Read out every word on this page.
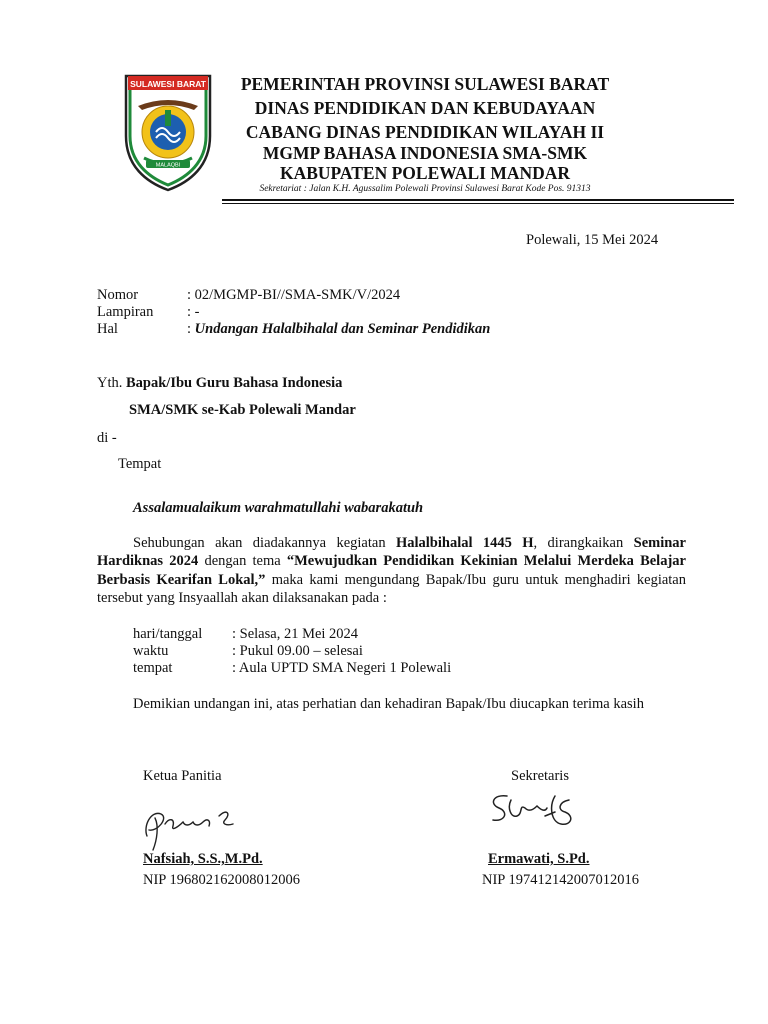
SULAWESI BARAT
MALAQBI
PEMERINTAH PROVINSI SULAWESI BARAT
DINAS PENDIDIKAN DAN KEBUDAYAAN
CABANG DINAS PENDIDIKAN WILAYAH II
MGMP BAHASA INDONESIA SMA-SMK
KABUPATEN POLEWALI MANDAR
Sekretariat : Jalan K.H. Agussalim Polewali Provinsi Sulawesi Barat Kode Pos. 91313
Polewali, 15 Mei 2024
Nomor	: 02/MGMP-BI//SMA-SMK/V/2024
Lampiran : -
Hal	: Undangan Halalbihalal dan Seminar Pendidikan
Yth. Bapak/Ibu Guru Bahasa Indonesia
SMA/SMK se-Kab Polewali Mandar
di -
Tempat
Assalamualaikum warahmatullahi wabarakatuh
Sehubungan akan diadakannya kegiatan Halalbihalal 1445 H, dirangkaikan Seminar Hardiknas 2024 dengan tema “Mewujudkan Pendidikan Kekinian Melalui Merdeka Belajar Berbasis Kearifan Lokal,” maka kami mengundang Bapak/Ibu guru untuk menghadiri kegiatan tersebut yang Insyaallah akan dilaksanakan pada :
hari/tanggal : Selasa, 21 Mei 2024
waktu	: Pukul 09.00 – selesai
tempat	: Aula UPTD SMA Negeri 1 Polewali
Demikian undangan ini, atas perhatian dan kehadiran Bapak/Ibu diucapkan terima kasih
Ketua Panitia	Sekretaris
Nafsiah, S.S.,M.Pd.	Ermawati, S.Pd.
NIP 196802162008012006	NIP 197412142007012016
